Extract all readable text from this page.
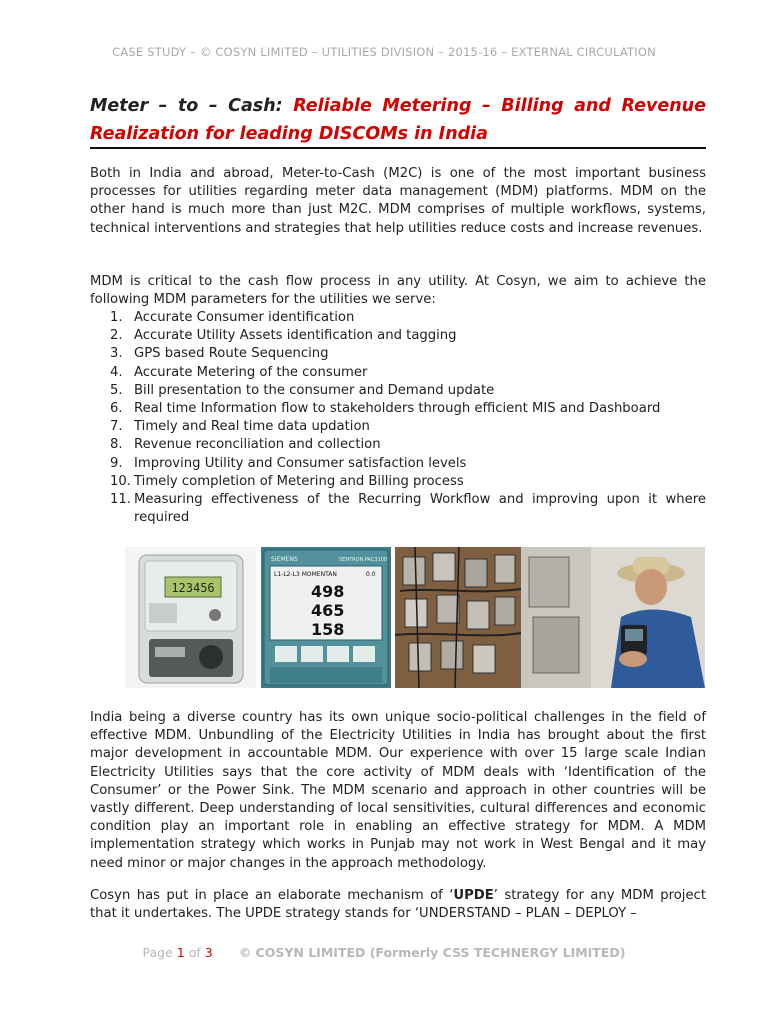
CASE STUDY – © COSYN LIMITED – UTILITIES DIVISION – 2015-16 – EXTERNAL CIRCULATION
Meter – to – Cash: Reliable Metering – Billing and Revenue Realization for leading DISCOMs in India

Both in India and abroad, Meter-to-Cash (M2C) is one of the most important business processes for utilities regarding meter data management (MDM) platforms. MDM on the other hand is much more than just M2C. MDM comprises of multiple workflows, systems, technical interventions and strategies that help utilities reduce costs and increase revenues.

MDM is critical to the cash flow process in any utility. At Cosyn, we aim to achieve the following MDM parameters for the utilities we serve:

1. Accurate Consumer identification
2. Accurate Utility Assets identification and tagging
3. GPS based Route Sequencing
4. Accurate Metering of the consumer
5. Bill presentation to the consumer and Demand update
6. Real time Information flow to stakeholders through efficient MIS and Dashboard
7. Timely and Real time data updation
8. Revenue reconciliation and collection
9. Improving Utility and Consumer satisfaction levels
10. Timely completion of Metering and Billing process
11. Measuring effectiveness of the Recurring Workflow and improving upon it where required
123456
SIEMENS	SENTRON PAC3100
L1-L2-L3 MOMENTAN	0.0
498
465
158

India being a diverse country has its own unique socio-political challenges in the field of effective MDM. Unbundling of the Electricity Utilities in India has brought about the first major development in accountable MDM. Our experience with over 15 large scale Indian Electricity Utilities says that the core activity of MDM deals with ‘Identification of the Consumer’ or the Power Sink. The MDM scenario and approach in other countries will be vastly different. Deep understanding of local sensitivities, cultural differences and economic condition play an important role in enabling an effective strategy for MDM. A MDM implementation strategy which works in Punjab may not work in West Bengal and it may need minor or major changes in the approach methodology.

Cosyn has put in place an elaborate mechanism of ‘UPDE’ strategy for any MDM project that it undertakes. The UPDE strategy stands for ‘UNDERSTAND – PLAN – DEPLOY –

Page 1 of 3 © COSYN LIMITED (Formerly CSS TECHNERGY LIMITED)
